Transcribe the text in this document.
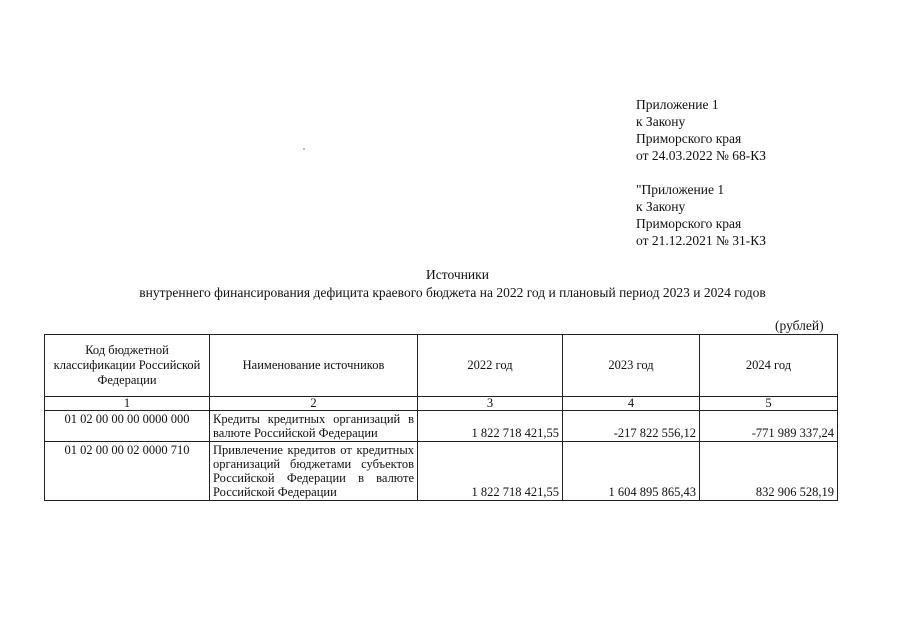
Приложение 1
к Закону
Приморского края
от 24.03.2022 № 68-КЗ
"Приложение 1
к Закону
Приморского края
от 21.12.2021 № 31-КЗ
Источники
внутреннего финансирования дефицита краевого бюджета на 2022 год и плановый период 2023 и 2024 годов
(рублей)
Код бюджетной классификации Российской Федерации	Наименование источников	2022 год	2023 год	2024 год
1	2	3	4	5
01 02 00 00 00 0000 000	Кредиты кредитных организаций в валюте Российской Федерации	1 822 718 421,55	-217 822 556,12	-771 989 337,24
01 02 00 00 02 0000 710	Привлечение кредитов от кредитных организаций бюджетами субъектов Российской Федерации в валюте Российской Федерации	1 822 718 421,55	1 604 895 865,43	832 906 528,19
